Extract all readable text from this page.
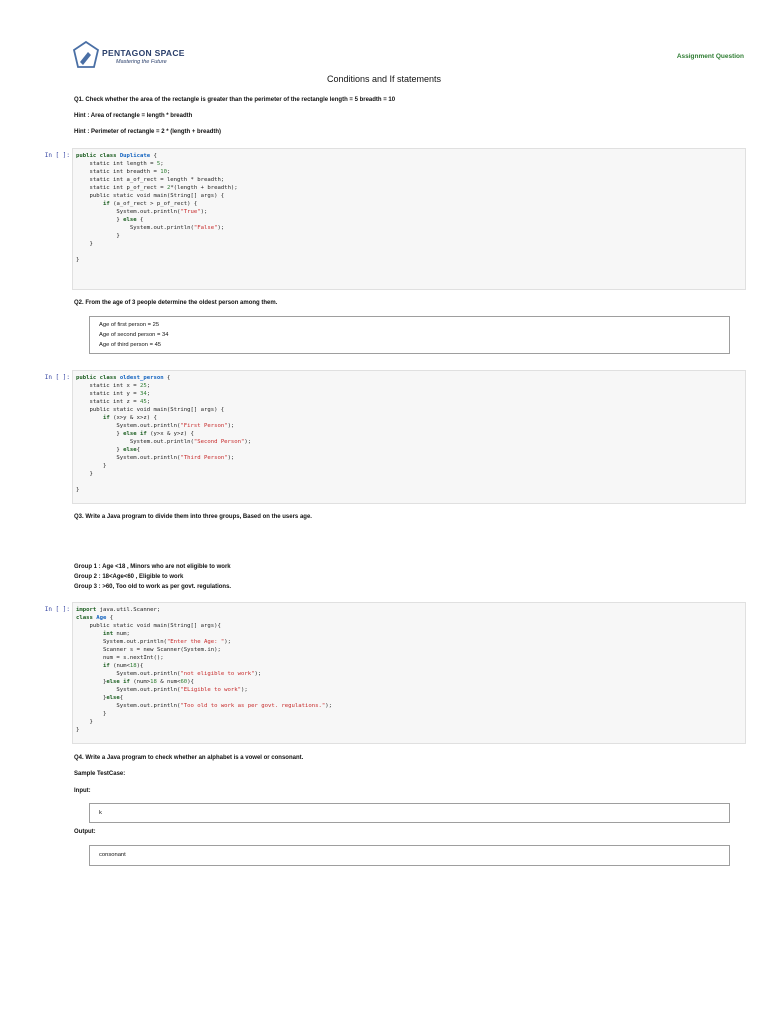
PENTAGON SPACE
Mastering the Future
Assignment Question
Conditions and If statements
Q1. Check whether the area of the rectangle is greater than the perimeter of the rectangle length = 5 breadth = 10
Hint : Area of rectangle = length * breadth
Hint : Perimeter of rectangle = 2 * (length + breadth)
In [ ]: public class Duplicate {
static int length = 5;
static int breadth = 10;
static int a_of_rect = length * breadth;
static int p_of_rect = 2*(length + breadth);
public static void main(String[] args) {
if (a_of_rect > p_of_rect) {
System.out.println("True");
} else {
System.out.println("False");
}
}
}
Q2. From the age of 3 people determine the oldest person among them.
Age of first person = 25
Age of second person = 34
Age of third person = 45
In [ ]: public class oldest_person {
static int x = 25;
static int y = 34;
static int z = 45;
public static void main(String[] args) {
if (x>y & x>z) {
System.out.println("First Person");
} else if (y>x & y>z) {
System.out.println("Second Person");
} else{
System.out.println("Third Person");
}
}
}
Q3. Write a Java program to divide them into three groups, Based on the users age.
Group 1 : Age <18 , Minors who are not eligible to work
Group 2 : 18<Age<60 , Eligible to work
Group 3 : >60, Too old to work as per govt. regulations.
In [ ]: import java.util.Scanner;
class Age {
public static void main(String[] args){
int num;
System.out.println("Enter the Age: ");
Scanner s = new Scanner(System.in);
num = s.nextInt();
if (num<18){
System.out.println("not eligible to work");
}else if (num>18 & num<60){
System.out.println("ELigible to work");
}else{
System.out.println("Too old to work as per govt. regulations.");
}
}
}
Q4. Write a Java program to check whether an alphabet is a vowel or consonant.
Sample TestCase:
Input:
k
Output:
consonant
